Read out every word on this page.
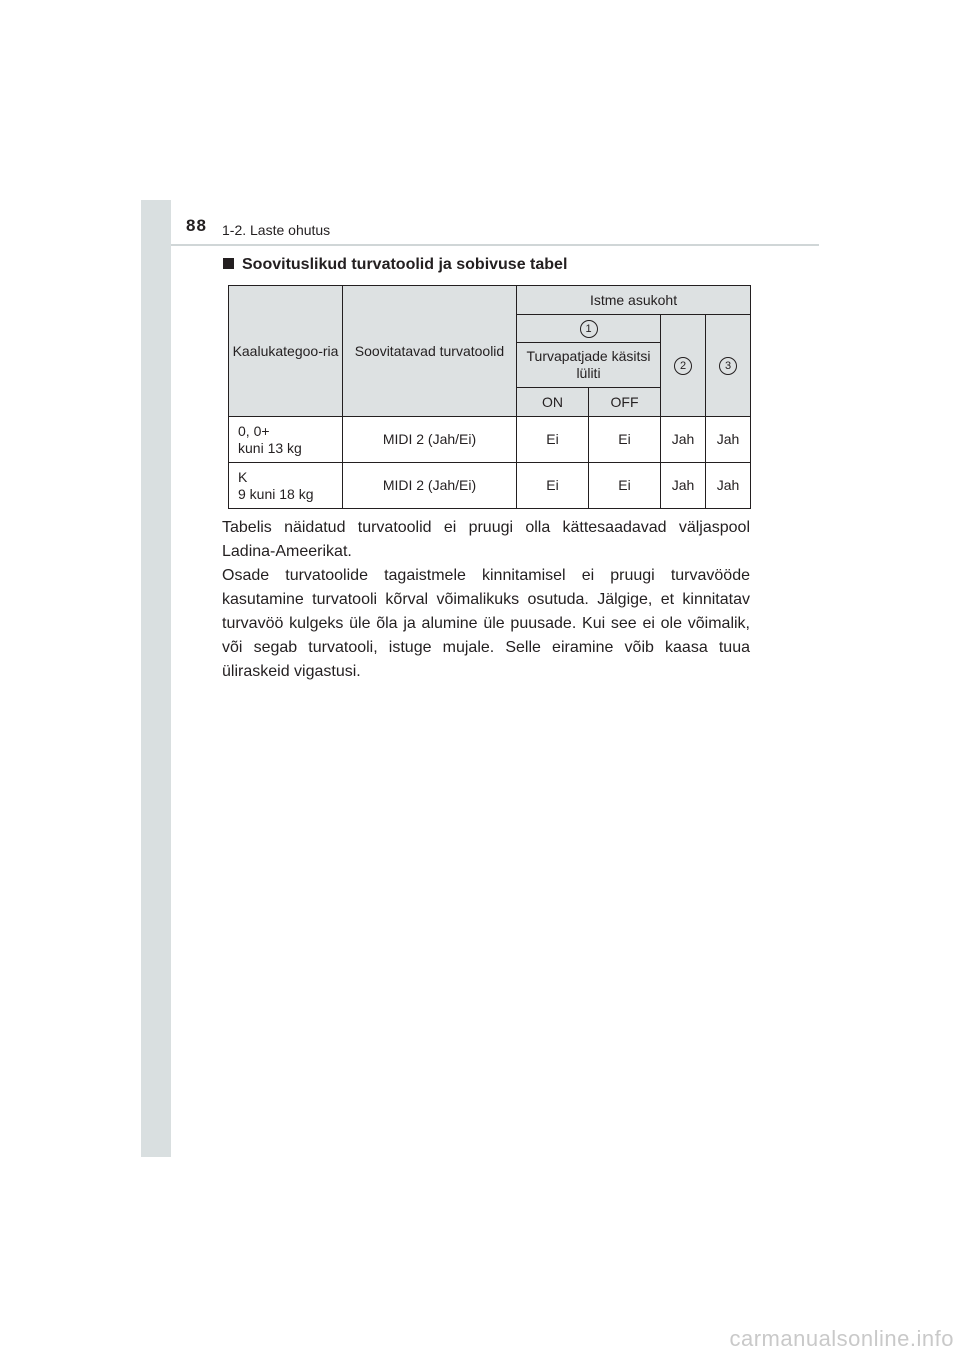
88 1-2. Laste ohutus
Soovituslikud turvatoolid ja sobivuse tabel
Kaalukategoo-ria	Soovitatavad turvatoolid	Istme asukoht			
		1		2	3
		Turvapatjade käsitsi lüliti			
		ON	OFF		
0, 0+
kuni 13 kg	MIDI 2 (Jah/Ei)	Ei	Ei	Jah	Jah
K
9 kuni 18 kg	MIDI 2 (Jah/Ei)	Ei	Ei	Jah	Jah

Tabelis näidatud turvatoolid ei pruugi olla kättesaadavad väljaspool Ladina-Ameerikat.

Osade turvatoolide tagaistmele kinnitamisel ei pruugi turvavööde kasutamine turvatooli kõrval võimalikuks osutuda. Jälgige, et kinnitatav turvavöö kulgeks üle õla ja alumine üle puusade. Kui see ei ole võimalik, või segab turvatooli, istuge mujale. Selle eiramine võib kaasa tuua üliraskeid vigastusi.

carmanualsonline.info
